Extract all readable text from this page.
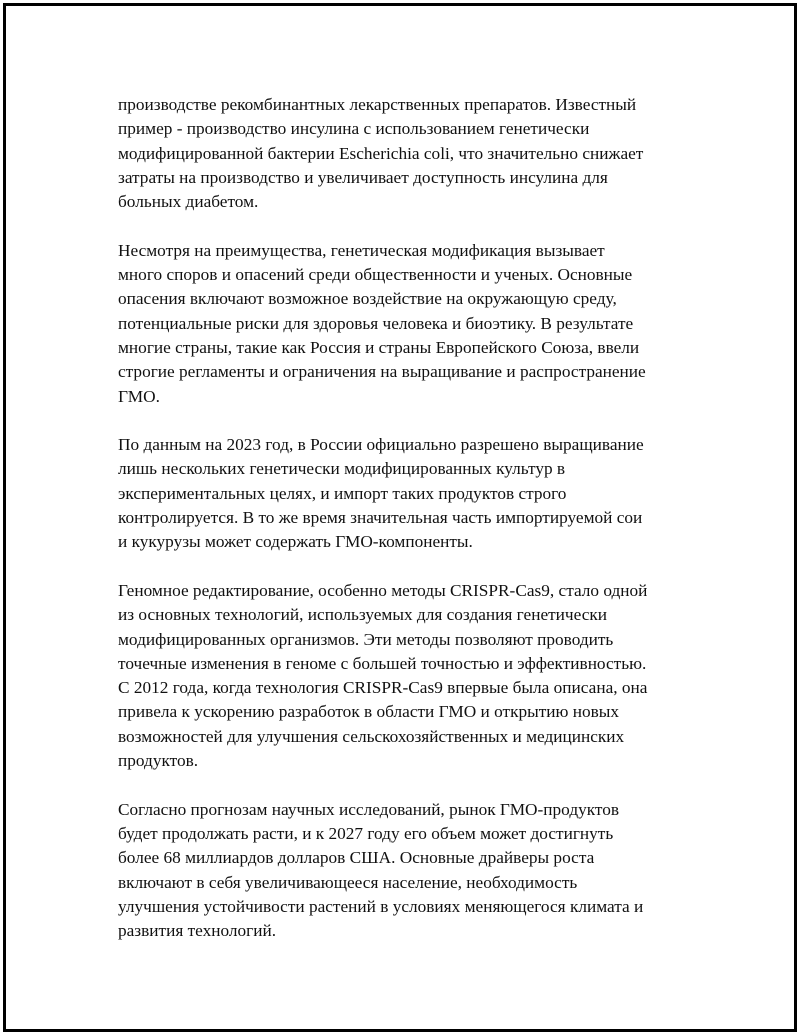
производстве рекомбинантных лекарственных препаратов. Известный
пример - производство инсулина с использованием генетически
модифицированной бактерии Escherichia coli, что значительно снижает
затраты на производство и увеличивает доступность инсулина для
больных диабетом.

Несмотря на преимущества, генетическая модификация вызывает
много споров и опасений среди общественности и ученых. Основные
опасения включают возможное воздействие на окружающую среду,
потенциальные риски для здоровья человека и биоэтику. В результате
многие страны, такие как Россия и страны Европейского Союза, ввели
строгие регламенты и ограничения на выращивание и распространение
ГМО.

По данным на 2023 год, в России официально разрешено выращивание
лишь нескольких генетически модифицированных культур в
экспериментальных целях, и импорт таких продуктов строго
контролируется. В то же время значительная часть импортируемой сои
и кукурузы может содержать ГМО-компоненты.

Геномное редактирование, особенно методы CRISPR-Cas9, стало одной
из основных технологий, используемых для создания генетически
модифицированных организмов. Эти методы позволяют проводить
точечные изменения в геноме с большей точностью и эффективностью.
С 2012 года, когда технология CRISPR-Cas9 впервые была описана, она
привела к ускорению разработок в области ГМО и открытию новых
возможностей для улучшения сельскохозяйственных и медицинских
продуктов.

Согласно прогнозам научных исследований, рынок ГМО-продуктов
будет продолжать расти, и к 2027 году его объем может достигнуть
более 68 миллиардов долларов США. Основные драйверы роста
включают в себя увеличивающееся население, необходимость
улучшения устойчивости растений в условиях меняющегося климата и
развития технологий.
